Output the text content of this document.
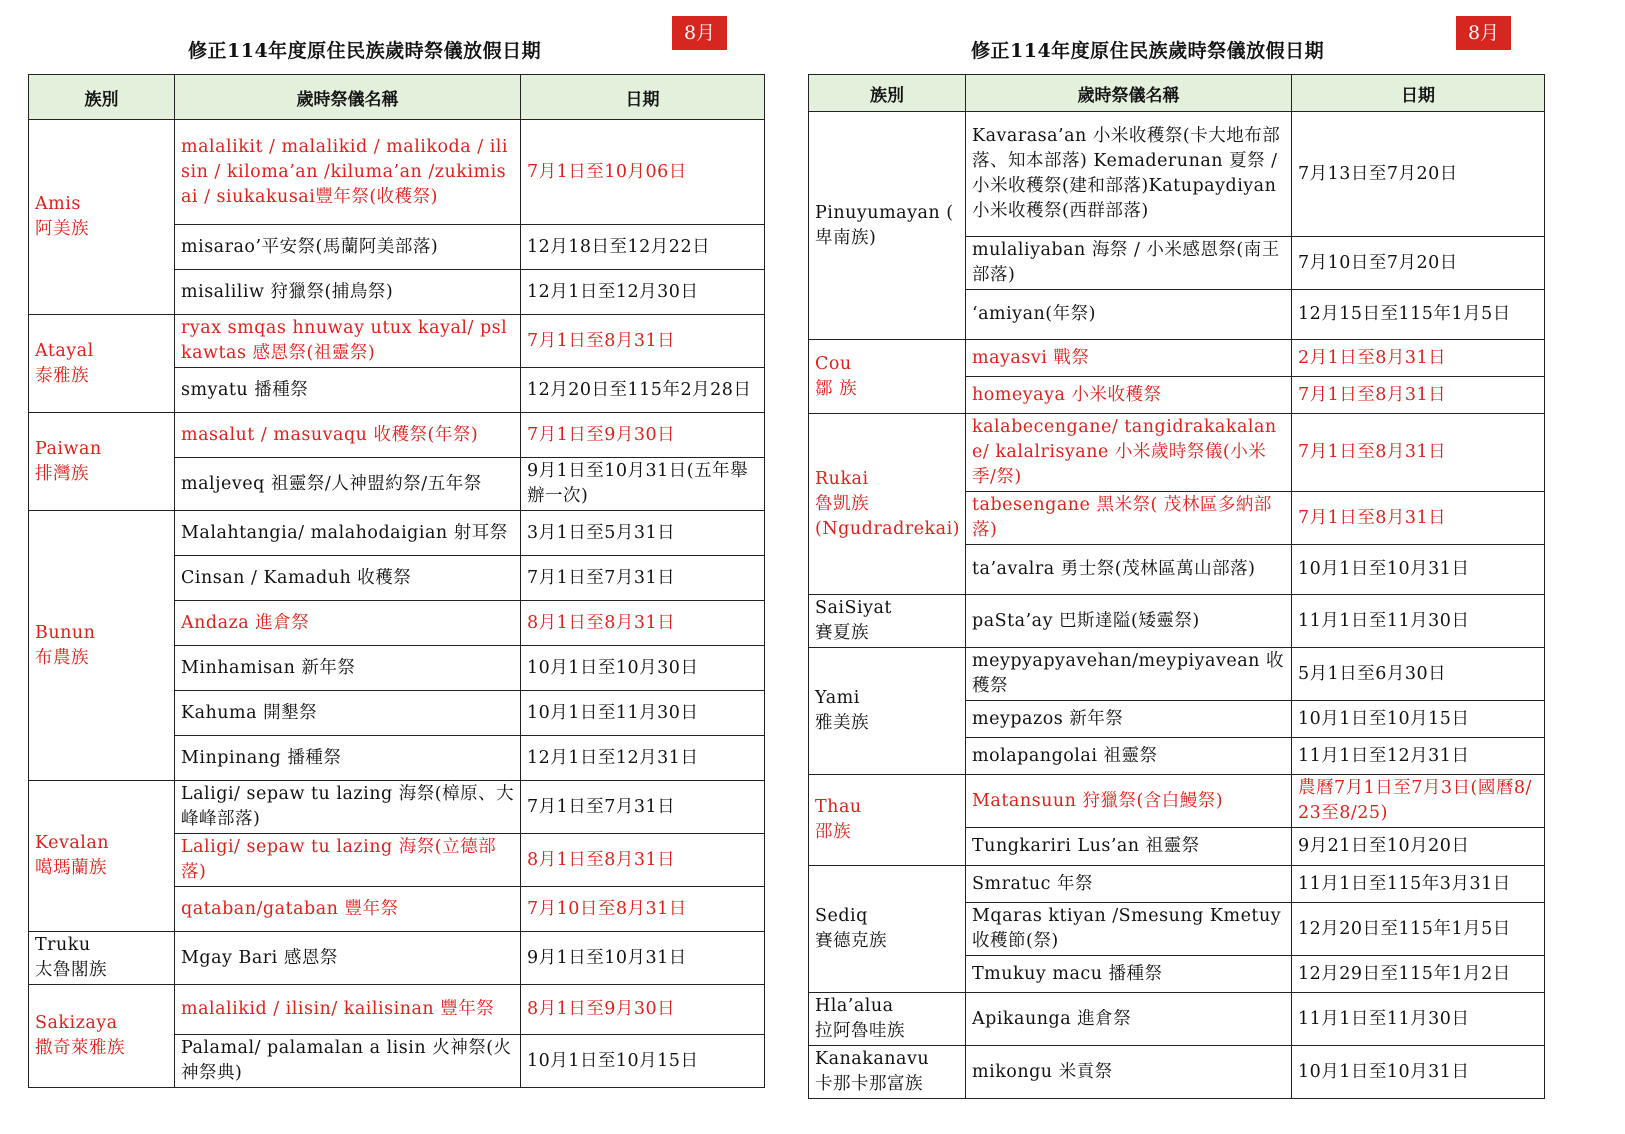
修正114年度原住民族歲時祭儀放假日期
8月
族別	歲時祭儀名稱	日期

Amis
阿美族	malalikit / malalikid / malikoda / ilisin / kiloma’an /kiluma’an /zukimisai / siukakusai豐年祭(收穫祭)	7月1日至10月06日
	misarao’平安祭(馬蘭阿美部落)	12月18日至12月22日
	misaliliw 狩獵祭(捕鳥祭)	12月1日至12月30日

Atayal
泰雅族	ryax smqas hnuway utux kayal/ pslkawtas 感恩祭(祖靈祭)	7月1日至8月31日
	smyatu 播種祭	12月20日至115年2月28日

Paiwan
排灣族	masalut / masuvaqu 收穫祭(年祭)	7月1日至9月30日
	maljeveq 祖靈祭/人神盟約祭/五年祭	9月1日至10月31日(五年舉辦一次)

Bunun
布農族	Malahtangia/ malahodaigian 射耳祭	3月1日至5月31日
	Cinsan / Kamaduh 收穫祭	7月1日至7月31日
	Andaza 進倉祭	8月1日至8月31日
	Minhamisan 新年祭	10月1日至10月30日
	Kahuma 開墾祭	10月1日至11月30日
	Minpinang 播種祭	12月1日至12月31日

Kevalan
噶瑪蘭族	Laligi/ sepaw tu lazing 海祭(樟原、大峰峰部落)	7月1日至7月31日
	Laligi/ sepaw tu lazing 海祭(立德部落)	8月1日至8月31日
	qataban/gataban 豐年祭	7月10日至8月31日

Truku
太魯閣族	Mgay Bari 感恩祭	9月1日至10月31日

Sakizaya
撒奇萊雅族	malalikid / ilisin/ kailisinan 豐年祭	8月1日至9月30日
	Palamal/ palamalan a lisin 火神祭(火神祭典)	10月1日至10月15日
修正114年度原住民族歲時祭儀放假日期
8月
族別	歲時祭儀名稱	日期

Pinuyumayan (
卑南族)	Kavarasa’an 小米收穫祭(卡大地布部落、知本部落) Kemaderunan 夏祭 /小米收穫祭(建和部落)Katupaydiyan 小米收穫祭(西群部落)	7月13日至7月20日
	mulaliyaban 海祭 / 小米感恩祭(南王部落)	7月10日至7月20日
	‘amiyan(年祭)	12月15日至115年1月5日

Cou
鄒 族	mayasvi 戰祭	2月1日至8月31日
	homeyaya 小米收穫祭	7月1日至8月31日

Rukai
魯凱族
(Ngudradrekai)	kalabecengane/ tangidrakakalane/ kalalrisyane 小米歲時祭儀(小米季/祭)	7月1日至8月31日
	tabesengane 黑米祭( 茂林區多納部落)	7月1日至8月31日
	ta’avalra 勇士祭(茂林區萬山部落)	10月1日至10月31日

SaiSiyat
賽夏族	paSta’ay 巴斯達隘(矮靈祭)	11月1日至11月30日

Yami
雅美族	meypyapyavehan/meypiyavean 收穫祭	5月1日至6月30日
	meypazos 新年祭	10月1日至10月15日
	molapangolai 祖靈祭	11月1日至12月31日

Thau
邵族	Matansuun 狩獵祭(含白鰻祭)	農曆7月1日至7月3日(國曆8/23至8/25)
	Tungkariri Lus’an 祖靈祭	9月21日至10月20日

Sediq
賽德克族	Smratuc 年祭	11月1日至115年3月31日
	Mqaras ktiyan /Smesung Kmetuy 收穫節(祭)	12月20日至115年1月5日
	Tmukuy macu 播種祭	12月29日至115年1月2日

Hla’alua
拉阿魯哇族	Apikaunga 進倉祭	11月1日至11月30日

Kanakanavu
卡那卡那富族	mikongu 米貢祭	10月1日至10月31日
